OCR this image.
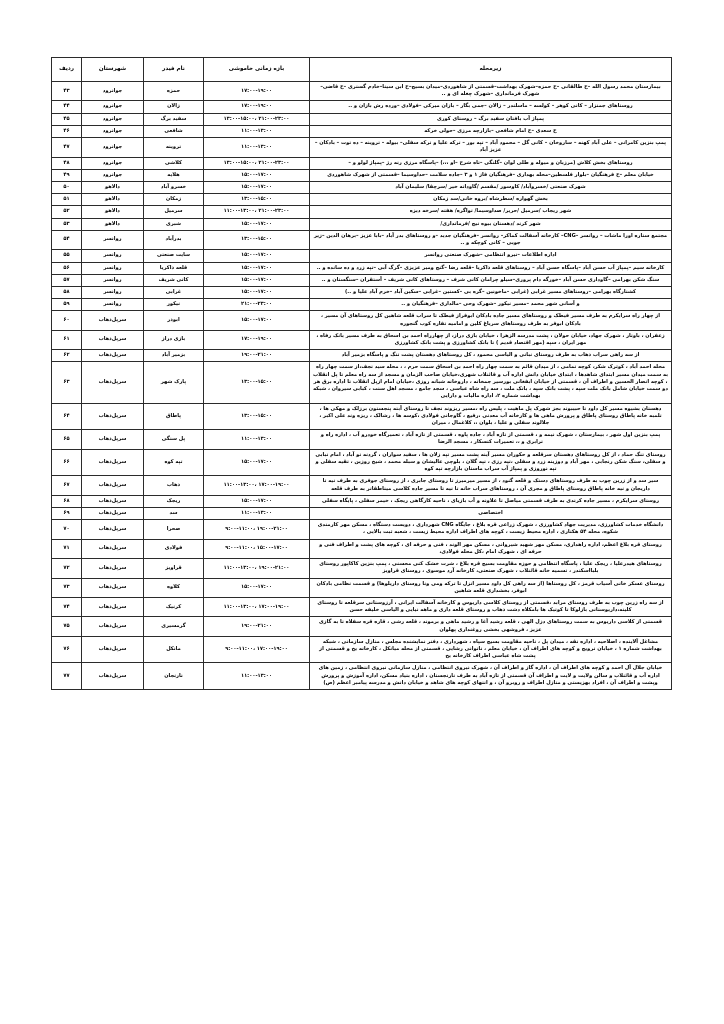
زیرمحله	بازه زمانی خاموشی	نام فیدر	شهرستان	ردیف
بیمارستان محمد رسول الله –خ طالقانی –خ حمزه–شهرک بهداشت–قسمتی از شاهوردی–میدان بسیج–خ ابن سینا–خادم گستری –خ قاضی– شهرک فرمانداری –شهرک چغله ای و ..	۱۷:۰۰-۱۹:۰۰	حمزه	جوانرود	۴۳
روستاهای جمنزار – کانی کوهر – کولسه – ماسلندر – زالان –جمی بگار – بازان میرکی –فولادی –ورده رش بازان و ..	۱۷:۰۰-۱۹:۰۰	زالان	جوانرود	۴۴
پمپاژ آب بافتان سفید برگ – روستای کوری	۱۳:۰۰-۱۵:۰۰، ۲۱:۰۰-۲۳:۰۰	سفید برگ	جوانرود	۴۵
خ سعدی –خ امام شافعی –بازارچه مرزی –حولی خرکه	۱۱:۰۰-۱۳:۰۰	شافعی	جوانرود	۴۶
پمپ بنزین کامرانی – علی آباد کهنه – ساروخان – کانی گل – محمود آباد – تپه بور – ترکه علیا و ترکه سفلی– بیوله – تروینه – ده توت – بادکان –عزیز آباد	۱۱:۰۰-۱۳:۰۰	تروینه	جوانرود	۴۷
روستاهای بخش کلاش (مرزبان و میوله و طلی لوان –گلنگی –تاه شرح –او ،،،) –پاسگاه مرزی رنه رژ –پمپاژ لولو و –	۱۳:۰۰-۱۵:۰۰، ۲۱:۰۰-۲۳:۰۰	کلاشی	جوانرود	۴۸
خیابان معلم –خ فرهنگیان –بلوار فلسطین–محله بهداری –فرهنگیان فاز ۱ و ۳ –جاده سلامت –حداوسیما –قسمتی از شهرک شاهوردی	۱۵:۰۰-۱۷:۰۰	هلایه	جوانرود	۴۹
شهرک صنعتی /خسروآباد/ کاوسور /مقسم /گاودانه خیر /سرچقا/ سلیمان آباد	۱۵:۰۰-۱۷:۰۰	خسرو آباد	دالاهو	۵۰
بخش گهواره /سطرشاه /بروه خانی/سد زمکان	۱۳:۰۰-۱۵:۰۰	زمکان	دالاهو	۵۱
شهر ریجاب /سرمیل /حریر/ صداوسیما/ تواگره/ هفته /سرخه دیزه	۱۱:۰۰-۱۳:۰۰، ۲۱:۰۰-۲۳:۰۰	سرمیل	دالاهو	۵۲
شهر کرند /دهستان بیوه نیج /فرمانداری/	۱۵:۰۰-۱۷:۰۰	شبری	دالاهو	۵۳
مجتمع ستاره اورا ماشات – روانسر –CNG– کارخانه آسفالت کماکر– روانسر –فرهنگیان جدید –و روستاهای بدر آباد –بابا عزیز –برهان الدین –زیر جوبی – کانی کوچکه و ..	۱۳:۰۰-۱۵:۰۰	بدرآباد	روانسر	۵۴
اداره اطلاعات –نیرو انتظامی –شهرک صنعتی روانسر	۱۵:۰۰-۱۷:۰۰	سایت صنعتی	روانسر	۵۵
کارخانه سیم –پمپاژ آب حسن آباد –پاسگاه حسن آباد – روستاهای قلعه ذاکریا –قلعه رضا –گنج ومیر عزیزی –گرگ آبی –تپه زرد و ده سانده و ..	۱۵:۰۰-۱۷:۰۰	قلعه ذاکریا	روانسر	۵۶
سنگ شکن بهرامی –گاوداری حسن آباد –خورگه دام پروری–سیلو چرامان کانی شرف – روستاهای کانی شریف – آستقران –سنگستان و ..	۱۵:۰۰-۱۷:۰۰	کانی شریف	روانسر	۵۷
کشتارگاه بهرامی –روستاهای مسیر غرابی (غرابی –ماخونین –گره بی –کستین –غرابی –سکین آباد –خرم آباد علیا و ..)	۱۵:۰۰-۱۷:۰۰	غرابی	روانسر	۵۸
و آسانی شهر محمد –مسیر نیکور –شهرک وحی –مالداری –فرهنگیان و ..	۲۱:۰۰-۲۳:۰۰	نیکور	روانسر	۵۹
از چهار راه سرایکرم به طرف مسیر فیطک و روستاهای مسیر جاده بادکان ابوفراز فیطک تا سراب قلعه شاهین کل روستاهای آن مسیر ، بادکان ابوفر به طرف روستاهای سرباغ کلین و امامیه تفاره کوب گنجوره	۱۵:۰۰-۱۷:۰۰	ابوذر	سرپل‌ذهاب	۶۰
زعفران ، باوتار ، شهرک جهاد، خیابان حولان ، پشت مدرسه الزهرا ، خیابان بازی دراز، از چهارراه احمد بن اسحاق به طرف مسیر بانک رفاه ، مهر ایران ، سپه (مهر اقتصاد قدیم ) تا بانک کشاورزی و پشت بانک کشاورزی	۱۷:۰۰-۱۹:۰۰	بازی دراز	سرپل‌ذهاب	۶۱
از سه راهی سراب ذهاب به طرف روستای نبانی و الیاسی محمود ، کل روستاهای دهستان پشت تنگ و پاسگاه بزمیر آباد	۱۹:۰۰-۲۱:۰۰	بزمیر آباد	سرپل‌ذهاب	۶۲
محله احمد آباد ، کوثرک شکر، کوچه تمامی ، از میدان قائم به سمت چهار راه احمد بن اسحاق سمت حرم ، ، محله سید نجف،از سمت چهار راه به سمت میدان مسیر ابتدای شاهدها ، ابتدای خیابان دانش اداره آب و قائنلاب شهری،خیابان صاحب الزمان و مسجد از سه راه معلم تا پل انقلاب ، کوچه انصار الحسین و اطراف آن ، قسمتی از خیابان ابفغانی بورسیر جمخانه ، داروخانه شبانه روزی ،خیابان امام ازپل انقلاب تا اداره برق هر دو سمت خیابان شامل بانک ملت سپه ، پشت بانک سپه ، بانک ملت ، سه راه شاه عباسی ، سجد جامع ، مسجد اهل سنت ، کبابی سیروان ، شبکه بهداشت شماره ۲، اداره مالیات و دارایی	۱۳:۰۰-۱۵:۰۰	پارک شهر	سرپل‌ذهاب	۶۳
دهستان بشیوه مسیر کل داود تا حبیبوند بجز شهرک پل ماهیت ، پلیس راه ،مسیر ریزوند نجف تا روستای آبته پنجستون برزلک و مهکی ها ، تلمبه خانه پاطاق روستای پاطاق و پرورش ماهی ها و کارخانه آب معدنی ،رفیع ، گاوجانی فولادی ،کوسه ها ، رشالک ، ریزه وند علی اکبر ، جلالوند سفلی و علیا ، بلوان ،، کلاغمال ، میران	۱۳:۰۰-۱۵:۰۰	پاطاق	سرپل‌ذهاب	۶۴
پمپ بنزین اول شهر ، بیمارستان ، شهرک نیمه و ، قسمتی از تازه آباد ، جاده پاوه ، قسمتی از تازه آباد ، تعمیرگاه خودرو آب ، اداره راه و ترابری و ،، تعمیرات کنسکار ، مسجد الرضا	۱۱:۰۰-۱۳:۰۰	پل سنگی	سرپل‌ذهاب	۶۵
روستای تنگ حماد ، از کل روستاهای دهستان سرقلعه و حکوران مسیر آینه پشت مسیر تپه زلان ها ، سفید سواران ، گردنه تو آباد ، امام نبابی و سفلی، سنگ شکن رنجابی ، مهر آباد و دوزینه زرد و سفلی ،تپه رزی ، تپه گلان ، بلوچی عالیشان و سبله محمد ، شیخ روزین ، تقیه سفلی و تپه نوروزی و پمپاژ آب سراب ماستان بازارچه تپه کوه	۱۵:۰۰-۱۷:۰۰	تپه کوه	سرپل‌ذهاب	۶۶
سیر سد و از زرین چوب به طرف روستاهای دستک و قلعه گنود ، از مسیر میرمیرز تا روستای جابری ، از روستای جوفری به طرف نیه تا داریجان و نیه خانه پاطاق روستای پاطاق و مجری آن ، روستاهای سراب خانه تا نیه تا مسیر جاده کلاسی میناطقاتر به طرف قلعه	۱۱:۰۰-۱۳:۰۰، ۱۷:۰۰-۱۹:۰۰	ذهاب	سرپل‌ذهاب	۶۷
روستای سرایکرم ، مسیر جاده کرندی به طرف قسمتی میاصل تا علاونه و آب بازیای ، ناحیه کارگاهی ریجک ، خیمر سفلی ، پایگاه سفلی	۱۵:۰۰-۱۷:۰۰	ریجک	سرپل‌ذهاب	۶۸
اختصاصی	۱۱:۰۰-۱۳:۰۰	سد	سرپل‌ذهاب	۶۹
دانشگاه خدمات کشاورزی، مدیریت جهاد کشاورزی ، شهرک زراعی قره بلاغ ، جایگاه CNG شهرداری ، دویست دستگاه ، مسکن مهر کارمندی شکوه، محله ۵۴ هکتاری ، اداره محیط زیست ، کوچه های اطراف اداره محیط زیست ، شعبه ثبت بالایی ،	۹:۰۰-۱۱:۰۰، ۱۹:۰۰-۲۱:۰۰	صحرا	سرپل‌ذهاب	۷۰
روستای قره بلاغ اعظم، اداره راهداری، مسکن مهر شهید شیروانی ، مسکن مهر الوند ، فنی و حرفه ای ، کوچه های پشت و اطراف فنی و حرفه ای ، شهرک امام ،کل محله فولادی،	۹:۰۰-۱۱:۰۰، ۱۵:۰۰-۱۷:۰۰	فولادی	سرپل‌ذهاب	۷۱
روستاهای هیدرعلیا ، ریجک علیا ، پاسگاه انتظامی و حوزه مقاومت بسیج قره بلاغ ، شرت خشک کنی محسنی ، پمپ بنزین کاکاپور روستای بلبااسکندر ، تسمیه خانه قائنلاب ، شهرک صنعتی، کارخانه آرد موسوی ، روستای قراویز	۱۱:۰۰-۱۳:۰۰، ۱۹:۰۰-۲۱:۰۰	قراویز	سرپل‌ذهاب	۷۲
روستای عسکر خانی آسیاب قرمز ، کل روستاها (از سه راهی کل داود مسیر انزل تا ترکه ومی ونا روستای داریلوها) و قسمت نظامی بادکان ابوفر، بخشداری قلعه شاهین	۱۵:۰۰-۱۷:۰۰	کلاوه	سرپل‌ذهاب	۷۳
از سه راه زرین چوب به طرف روستای مرابد ،قسمتی از روستای کلاسی داریوس و کارخانه آسفالت ایرانی ، آرزوستانی سرقلعه تا روستای کلینه،داریوستانی بازلوکا تا کوتیک ها بامکلاه دشت ذهاب و روستای قلعه داری و ماهه نیایی و الیاسی خلیفه حسن	۱۱:۰۰-۱۳:۰۰، ۱۷:۰۰-۱۹:۰۰	کرنیک	سرپل‌ذهاب	۷۴
قسمتی از کلاسی داریوس به سمت روستاهای دزل الهی ، قلعه رشید آغا و رشید ماهی و برموند ، قلعه رشی ، قاره قره سفلاه تا به گازی عزیز ، فروشهی بخشی روغنداری پهلوان	۱۹:۰۰-۲۱:۰۰	گرمسیری	سرپل‌ذهاب	۷۵
مشاغل آلاینده ، اصلاحیه ، اداره نقه ، میدان پل ، ناحیه مقاومت بسیج سپاه ، شهرداری ، دفتر نمایشنده مجلس ، منازل سازمانی ، شبکه بهداشت شماره ۱ ، خیابان ترویج و کوچه های اطراف آن ، خیابان معلم ، ناتوانی رشایی ، قسمتی از محله میانکل ، کارخانه یخ و قسمتی از پشت شاه عباسی اطراف کارخانه یخ	۹:۰۰-۱۱:۰۰، ۱۷:۰۰-۱۹:۰۰	مانکل	سرپل‌ذهاب	۷۶
خیابان جلال آل احمد و کوچه های اطراف آن ، اداره گاز و اطراف آن ، شهرک نیروی انتظامی ، منازل سازمانی نیروی انتظامی ، زمین های اداره آب و قائنلاب و سالن ولایت و لایت و اطراف آن قسمتی از تازه آباد به طرف نارنجستان ، اداره بنیاد مسکن، اداره آموزش و پرورش وپشت و اطراف آن ، افراد بهزیستی و منازل اطراف و روبرو آن ، و انتهای کوچه های شاهد و خیابان دانش و مدرسه پیامبر اعظم (ص)	۱۱:۰۰-۱۳:۰۰	نارنجان	سرپل‌ذهاب	۷۷
